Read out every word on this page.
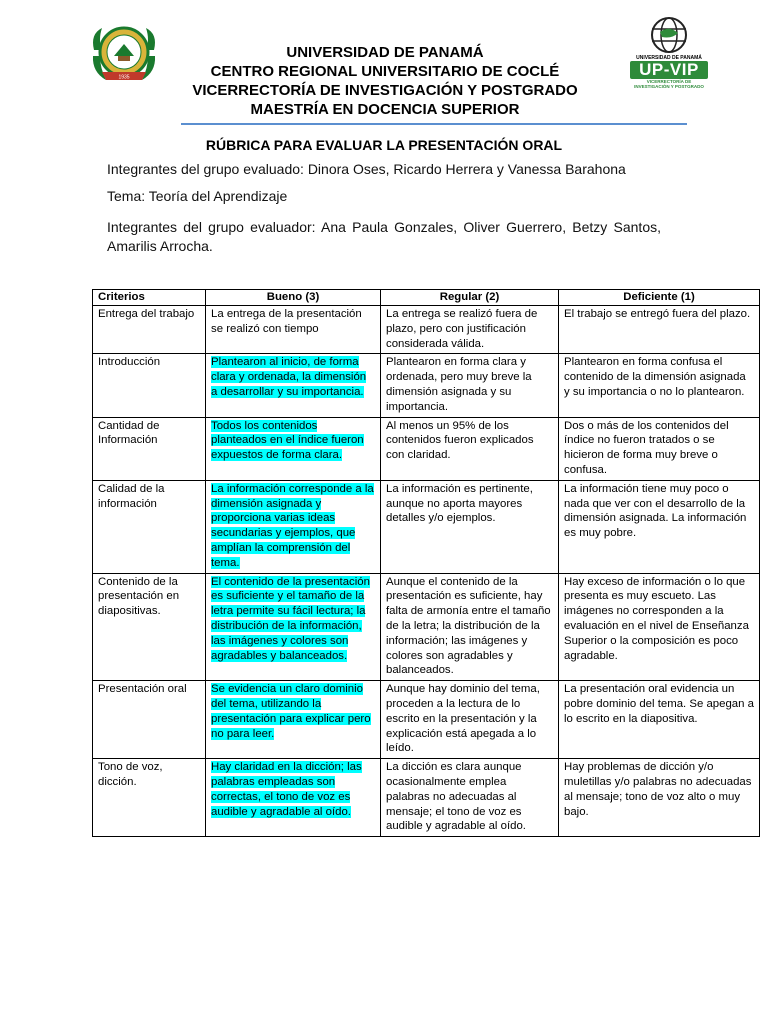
1935
UNIVERSIDAD DE PANAMÁ
UP-VIP
VICERRECTORÍA DE
INVESTIGACIÓN Y POSTGRADO
UNIVERSIDAD DE PANAMÁ
CENTRO REGIONAL UNIVERSITARIO DE COCLÉ
VICERRECTORÍA DE INVESTIGACIÓN Y POSTGRADO
MAESTRÍA EN DOCENCIA SUPERIOR
RÚBRICA PARA EVALUAR LA PRESENTACIÓN ORAL

Integrantes del grupo evaluado: Dinora Oses, Ricardo Herrera y Vanessa Barahona

Tema: Teoría del Aprendizaje

Integrantes del grupo evaluador: Ana Paula Gonzales, Oliver Guerrero, Betzy Santos, Amarilis Arrocha.

Criterios	Bueno (3)	Regular (2)	Deficiente (1)
Entrega del trabajo	La entrega de la presentación se realizó con tiempo	La entrega se realizó fuera de plazo, pero con justificación considerada válida.	El trabajo se entregó fuera del plazo.
Introducción	Plantearon al inicio, de forma clara y ordenada, la dimensión a desarrollar y su importancia.	Plantearon en forma clara y ordenada, pero muy breve la dimensión asignada y su importancia.	Plantearon en forma confusa el contenido de la dimensión asignada y su importancia o no lo plantearon.
Cantidad de Información	Todos los contenidos planteados en el índice fueron expuestos de forma clara.	Al menos un 95% de los contenidos fueron explicados con claridad.	Dos o más de los contenidos del índice no fueron tratados o se hicieron de forma muy breve o confusa.
Calidad de la información	La información corresponde a la dimensión asignada y proporciona varias ideas secundarias y ejemplos, que amplían la comprensión del tema.	La información es pertinente, aunque no aporta mayores detalles y/o ejemplos.	La información tiene muy poco o nada que ver con el desarrollo de la dimensión asignada. La información es muy pobre.
Contenido de la presentación en diapositivas.	El contenido de la presentación es suficiente y el tamaño de la letra permite su fácil lectura; la distribución de la información, las imágenes y colores son agradables y balanceados.	Aunque el contenido de la presentación es suficiente, hay falta de armonía entre el tamaño de la letra; la distribución de la información; las imágenes y colores son agradables y balanceados.	Hay exceso de información o lo que presenta es muy escueto. Las imágenes no corresponden a la evaluación en el nivel de Enseñanza Superior o la composición es poco agradable.
Presentación oral	Se evidencia un claro dominio del tema, utilizando la presentación para explicar pero no para leer.	Aunque hay dominio del tema, proceden a la lectura de lo escrito en la presentación y la explicación está apegada a lo leído.	La presentación oral evidencia un pobre dominio del tema. Se apegan a lo escrito en la diapositiva.
Tono de voz, dicción.	Hay claridad en la dicción; las palabras empleadas son correctas, el tono de voz es audible y agradable al oído.	La dicción es clara aunque ocasionalmente emplea palabras no adecuadas al mensaje; el tono de voz es audible y agradable al oído.	Hay problemas de dicción y/o muletillas y/o palabras no adecuadas al mensaje; tono de voz alto o muy bajo.
